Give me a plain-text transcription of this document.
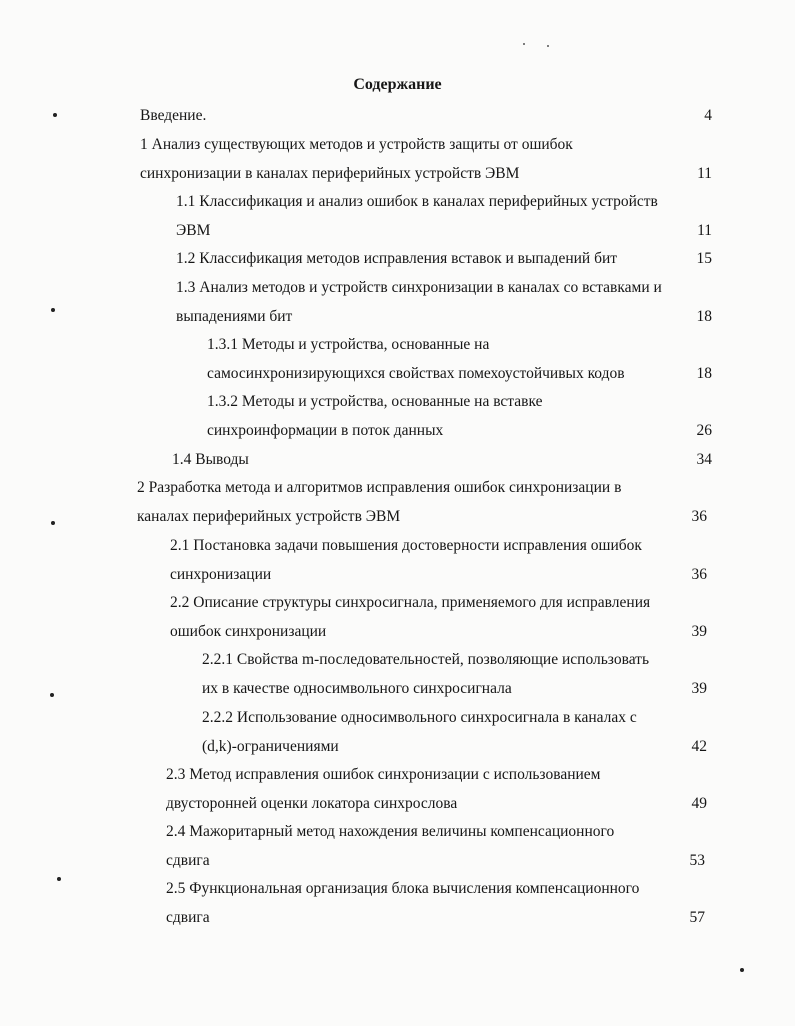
Содержание
Введение.	4
1 Анализ существующих методов и устройств защиты от ошибок
синхронизации в каналах периферийных устройств ЭВМ	11
1.1 Классификация и анализ ошибок в каналах периферийных устройств
ЭВМ	11
1.2 Классификация методов исправления вставок и выпадений бит	15
1.3 Анализ методов и устройств синхронизации в каналах со вставками и
выпадениями бит	18
1.3.1 Методы и устройства, основанные на
самосинхронизирующихся свойствах помехоустойчивых кодов	18
1.3.2 Методы и устройства, основанные на вставке
синхроинформации в поток данных	26
1.4 Выводы	34
2 Разработка метода и алгоритмов исправления ошибок синхронизации в
каналах периферийных устройств ЭВМ	36
2.1 Постановка задачи повышения достоверности исправления ошибок
синхронизации	36
2.2 Описание структуры синхросигнала, применяемого для исправления
ошибок синхронизации	39
2.2.1 Свойства m-последовательностей, позволяющие использовать
их в качестве односимвольного синхросигнала	39
2.2.2 Использование односимвольного синхросигнала в каналах с
(d,k)-ограничениями	42
2.3 Метод исправления ошибок синхронизации с использованием
двусторонней оценки локатора синхрослова	49
2.4 Мажоритарный метод нахождения величины компенсационного
сдвига	53
2.5 Функциональная организация блока вычисления компенсационного
сдвига	57
